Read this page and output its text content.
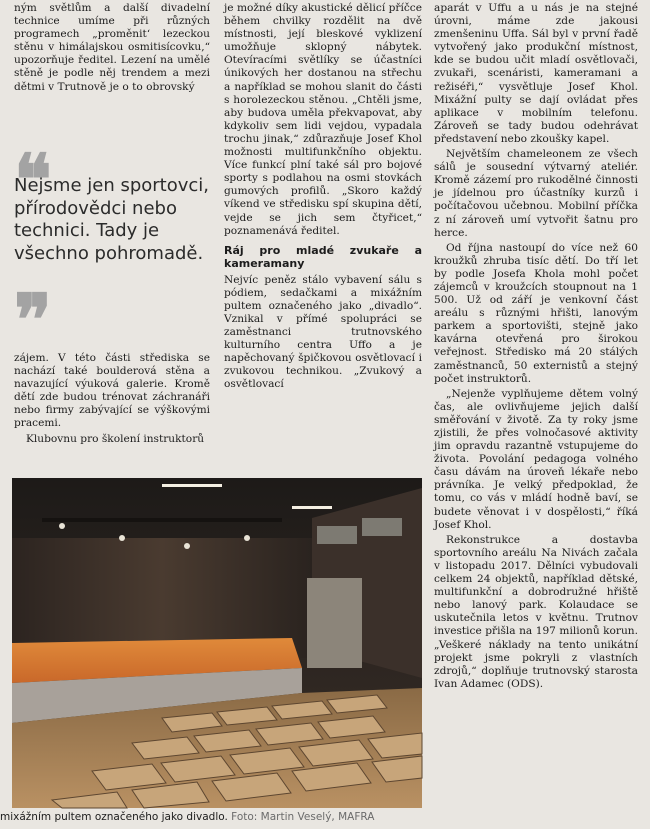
ným světlům a další divadelní technice umíme při různých programech „proměnit‘ lezeckou stěnu v himálajskou osmitisícovku,“ upozorňuje ředitel. Lezení na umělé stěně je podle něj trendem a mezi dětmi v Trutnově je o to obrovský

❝
Nejsme jen sportovci, přírodovědci nebo technici. Tady je všechno pohromadě.
❞

zájem. V této části střediska se nachází také boulderová stěna a navazující výuková galerie. Kromě dětí zde budou trénovat záchranáři nebo firmy zabývající se výškovými pracemi.

Klubovnu pro školení instruktorů

je možné díky akustické dělicí příčce během chvilky rozdělit na dvě místnosti, její bleskové vyklizení umožňuje sklopný nábytek. Otevíracími světlíky se účastníci únikových her dostanou na střechu a například se mohou slanit do části s horolezeckou stěnou. „Chtěli jsme, aby budova uměla překvapovat, aby kdykoliv sem lidi vejdou, vypadala trochu jinak,“ zdůrazňuje Josef Khol možnosti multifunkčního objektu. Více funkcí plní také sál pro bojové sporty s podlahou na osmi stovkách gumových profilů. „Skoro každý víkend ve středisku spí skupina dětí, vejde se jich sem čtyřicet,“ poznamenává ředitel.

Ráj pro mladé zvukaře a kameramany

Nejvíc peněz stálo vybavení sálu s pódiem, sedačkami a mixážním pultem označeného jako „divadlo“. Vznikal v přímé spolupráci se zaměstnanci trutnovského kulturního centra Uffo a je napěchovaný špičkovou osvětlovací i zvukovou technikou. „Zvukový a osvětlovací

aparát v Uffu a u nás je na stejné úrovni, máme zde jakousi zmenšeninu Uffa. Sál byl v první řadě vytvořený jako produkční místnost, kde se budou učit mladí osvětlovači, zvukaři, scenáristi, kameramani a režiséři,“ vysvětluje Josef Khol. Mixážní pulty se dají ovládat přes aplikace v mobilním telefonu. Zároveň se tady budou odehrávat představení nebo zkoušky kapel.

Největším chameleonem ze všech sálů je sousední výtvarný ateliér. Kromě zázemí pro rukodělné činnosti je jídelnou pro účastníky kurzů i počítačovou učebnou. Mobilní příčka z ní zároveň umí vytvořit šatnu pro herce.

Od října nastoupí do více než 60 kroužků zhruba tisíc dětí. Do tří let by podle Josefa Khola mohl počet zájemců v kroužcích stoupnout na 1 500. Už od září je venkovní část areálu s různými hřišti, lanovým parkem a sportovišti, stejně jako kavárna otevřená pro širokou veřejnost. Středisko má 20 stálých zaměstnanců, 50 externistů a stejný počet instruktorů.

„Nejenže vyplňujeme dětem volný čas, ale ovlivňujeme jejich další směřování v životě. Za ty roky jsme zjistili, že přes volnočasové aktivity jim opravdu razantně vstupujeme do života. Povolání pedagoga volného času dávám na úroveň lékaře nebo právníka. Je velký předpoklad, že tomu, co vás v mládí hodně baví, se budete věnovat i v dospělosti,“ říká Josef Khol.

Rekonstrukce a dostavba sportovního areálu Na Nivách začala v listopadu 2017. Dělníci vybudovali celkem 24 objektů, například dětské, multifunkční a dobrodružné hřiště nebo lanový park. Kolaudace se uskutečnila letos v květnu. Trutnov investice přišla na 197 milionů korun. „Veškeré náklady na tento unikátní projekt jsme pokryli z vlastních zdrojů,“ doplňuje trutnovský starosta Ivan Adamec (ODS).

mixážním pultem označeného jako divadlo. Foto: Martin Veselý, MAFRA
